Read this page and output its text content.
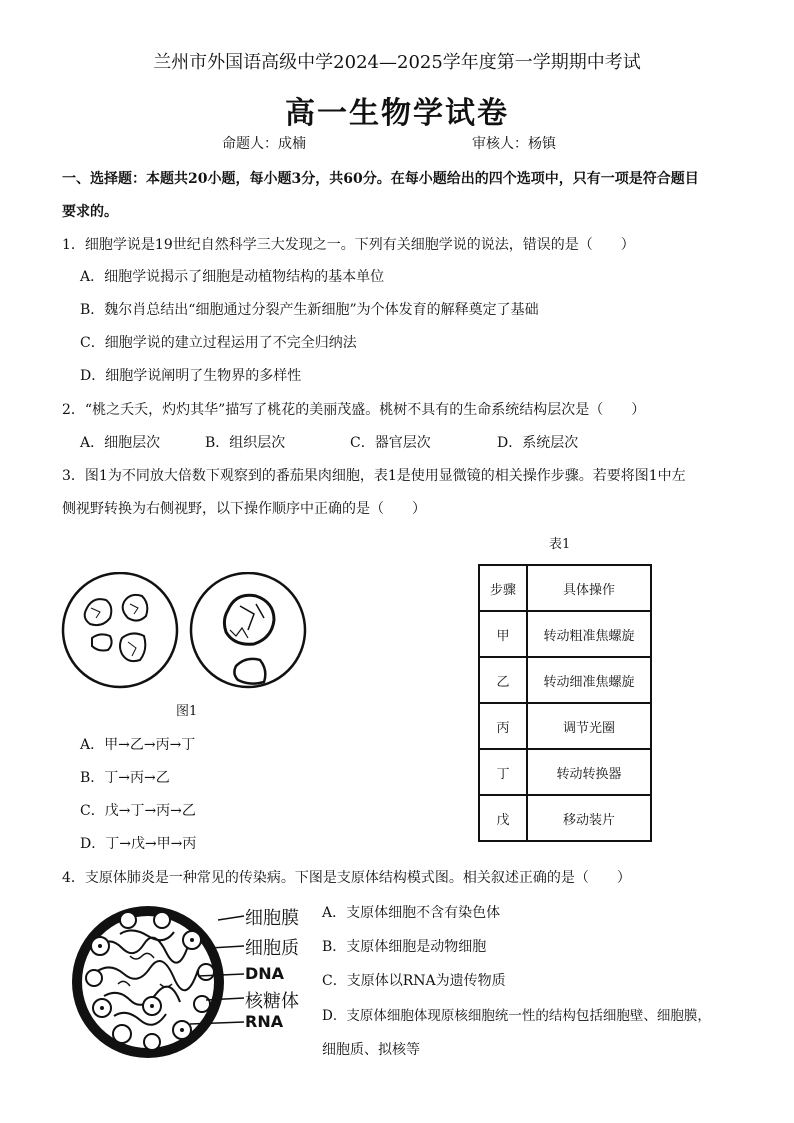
兰州市外国语高级中学2024—2025学年度第一学期期中考试
高一生物学试卷
命题人：成楠	审核人：杨镇
一、选择题：本题共20小题，每小题3分，共60分。在每小题给出的四个选项中，只有一项是符合题目
要求的。
1．细胞学说是19世纪自然科学三大发现之一。下列有关细胞学说的说法，错误的是（　　）
A．细胞学说揭示了细胞是动植物结构的基本单位
B．魏尔肖总结出“细胞通过分裂产生新细胞”为个体发育的解释奠定了基础
C．细胞学说的建立过程运用了不完全归纳法
D．细胞学说阐明了生物界的多样性
2．“桃之夭夭，灼灼其华”描写了桃花的美丽茂盛。桃树不具有的生命系统结构层次是（　　）
A．细胞层次	B．组织层次	C．器官层次	D．系统层次
3．图1为不同放大倍数下观察到的番茄果肉细胞，表1是使用显微镜的相关操作步骤。若要将图1中左
侧视野转换为右侧视野，以下操作顺序中正确的是（　　）
图1
表1
步骤	具体操作
甲	转动粗准焦螺旋
乙	转动细准焦螺旋
丙	调节光圈
丁	转动转换器
戊	移动装片
A．甲→乙→丙→丁
B．丁→丙→乙
C．戊→丁→丙→乙
D．丁→戊→甲→丙
4．支原体肺炎是一种常见的传染病。下图是支原体结构模式图。相关叙述正确的是（　　）
细胞膜
细胞质
DNA
核糖体
RNA
A．支原体细胞不含有染色体
B．支原体细胞是动物细胞
C．支原体以RNA为遗传物质
D．支原体细胞体现原核细胞统一性的结构包括细胞壁、细胞膜，
细胞质、拟核等
